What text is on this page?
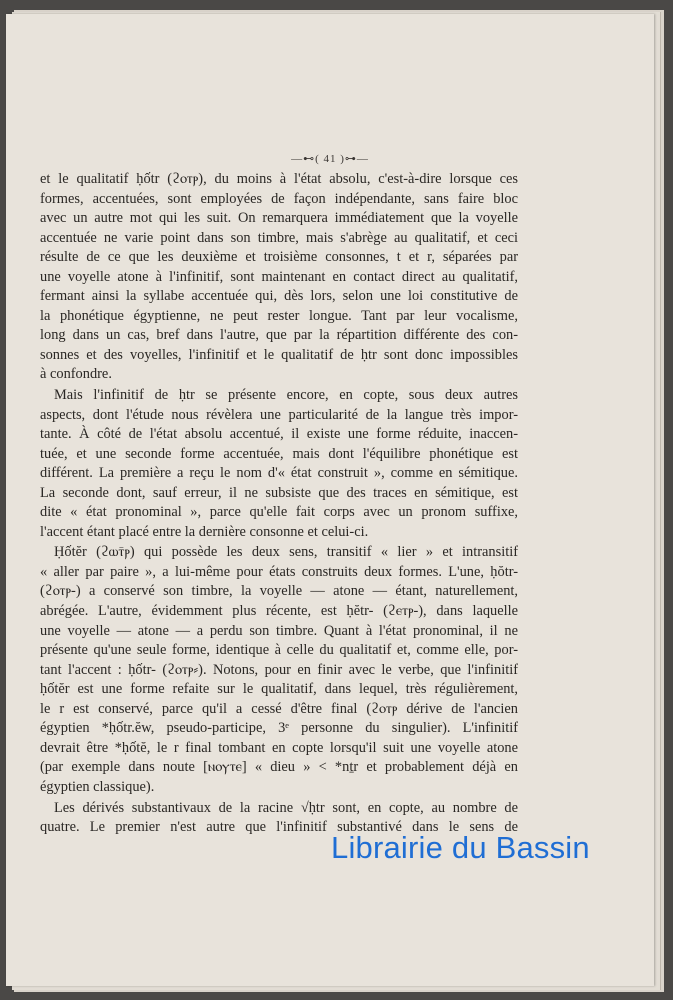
—⊷( 41 )⊶—
et le qualitatif ḥốtr (ϩⲟⲧⲣ), du moins à l'état absolu, c'est-à-dire lorsque ces
formes, accentuées, sont employées de façon indépendante, sans faire bloc
avec un autre mot qui les suit. On remarquera immédiatement que la voyelle
accentuée ne varie point dans son timbre, mais s'abrège au qualitatif, et ceci
résulte de ce que les deuxième et troisième consonnes, t et r, séparées par
une voyelle atone à l'infinitif, sont maintenant en contact direct au qualitatif,
fermant ainsi la syllabe accentuée qui, dès lors, selon une loi constitutive de
la phonétique égyptienne, ne peut rester longue. Tant par leur vocalisme,
long dans un cas, bref dans l'autre, que par la répartition différente des con-
sonnes et des voyelles, l'infinitif et le qualitatif de ḥtr sont donc impossibles
à confondre.
Mais l'infinitif de ḥtr se présente encore, en copte, sous deux autres
aspects, dont l'étude nous révèlera une particularité de la langue très impor-
tante. À côté de l'état absolu accentué, il existe une forme réduite, inaccen-
tuée, et une seconde forme accentuée, mais dont l'équilibre phonétique est
différent. La première a reçu le nom d'« état construit », comme en sémitique.
La seconde dont, sauf erreur, il ne subsiste que des traces en sémitique, est
dite « état pronominal », parce qu'elle fait corps avec un pronom suffixe,
l'accent étant placé entre la dernière consonne et celui-ci.
Ḥốtĕr (ϩⲱⲧ̄ⲣ) qui possède les deux sens, transitif « lier » et intransitif
« aller par paire », a lui-même pour états construits deux formes. L'une, ḥŏtr-
(ϩⲟⲧⲣ-) a conservé son timbre, la voyelle — atone — étant, naturellement,
abrégée. L'autre, évidemment plus récente, est ḥĕtr- (ϩⲉⲧⲣ-), dans laquelle
une voyelle — atone — a perdu son timbre. Quant à l'état pronominal, il ne
présente qu'une seule forme, identique à celle du qualitatif et, comme elle, por-
tant l'accent : ḥốtr- (ϩⲟⲧⲣ⸗). Notons, pour en finir avec le verbe, que l'infinitif
ḥốtĕr est une forme refaite sur le qualitatif, dans lequel, très régulièrement,
le r est conservé, parce qu'il a cessé d'être final (ϩⲟⲧⲣ dérive de l'ancien
égyptien *ḥốtr.ĕw, pseudo-participe, 3ᵉ personne du singulier). L'infinitif
devrait être *ḥốtĕ, le r final tombant en copte lorsqu'il suit une voyelle atone
(par exemple dans noute [ⲛⲟⲩⲧⲉ] « dieu » < *nṯr et probablement déjà en
égyptien classique).
Les dérivés substantivaux de la racine √ḥtr sont, en copte, au nombre de
quatre. Le premier n'est autre que l'infinitif substantivé dans le sens de
Librairie du Bassin
